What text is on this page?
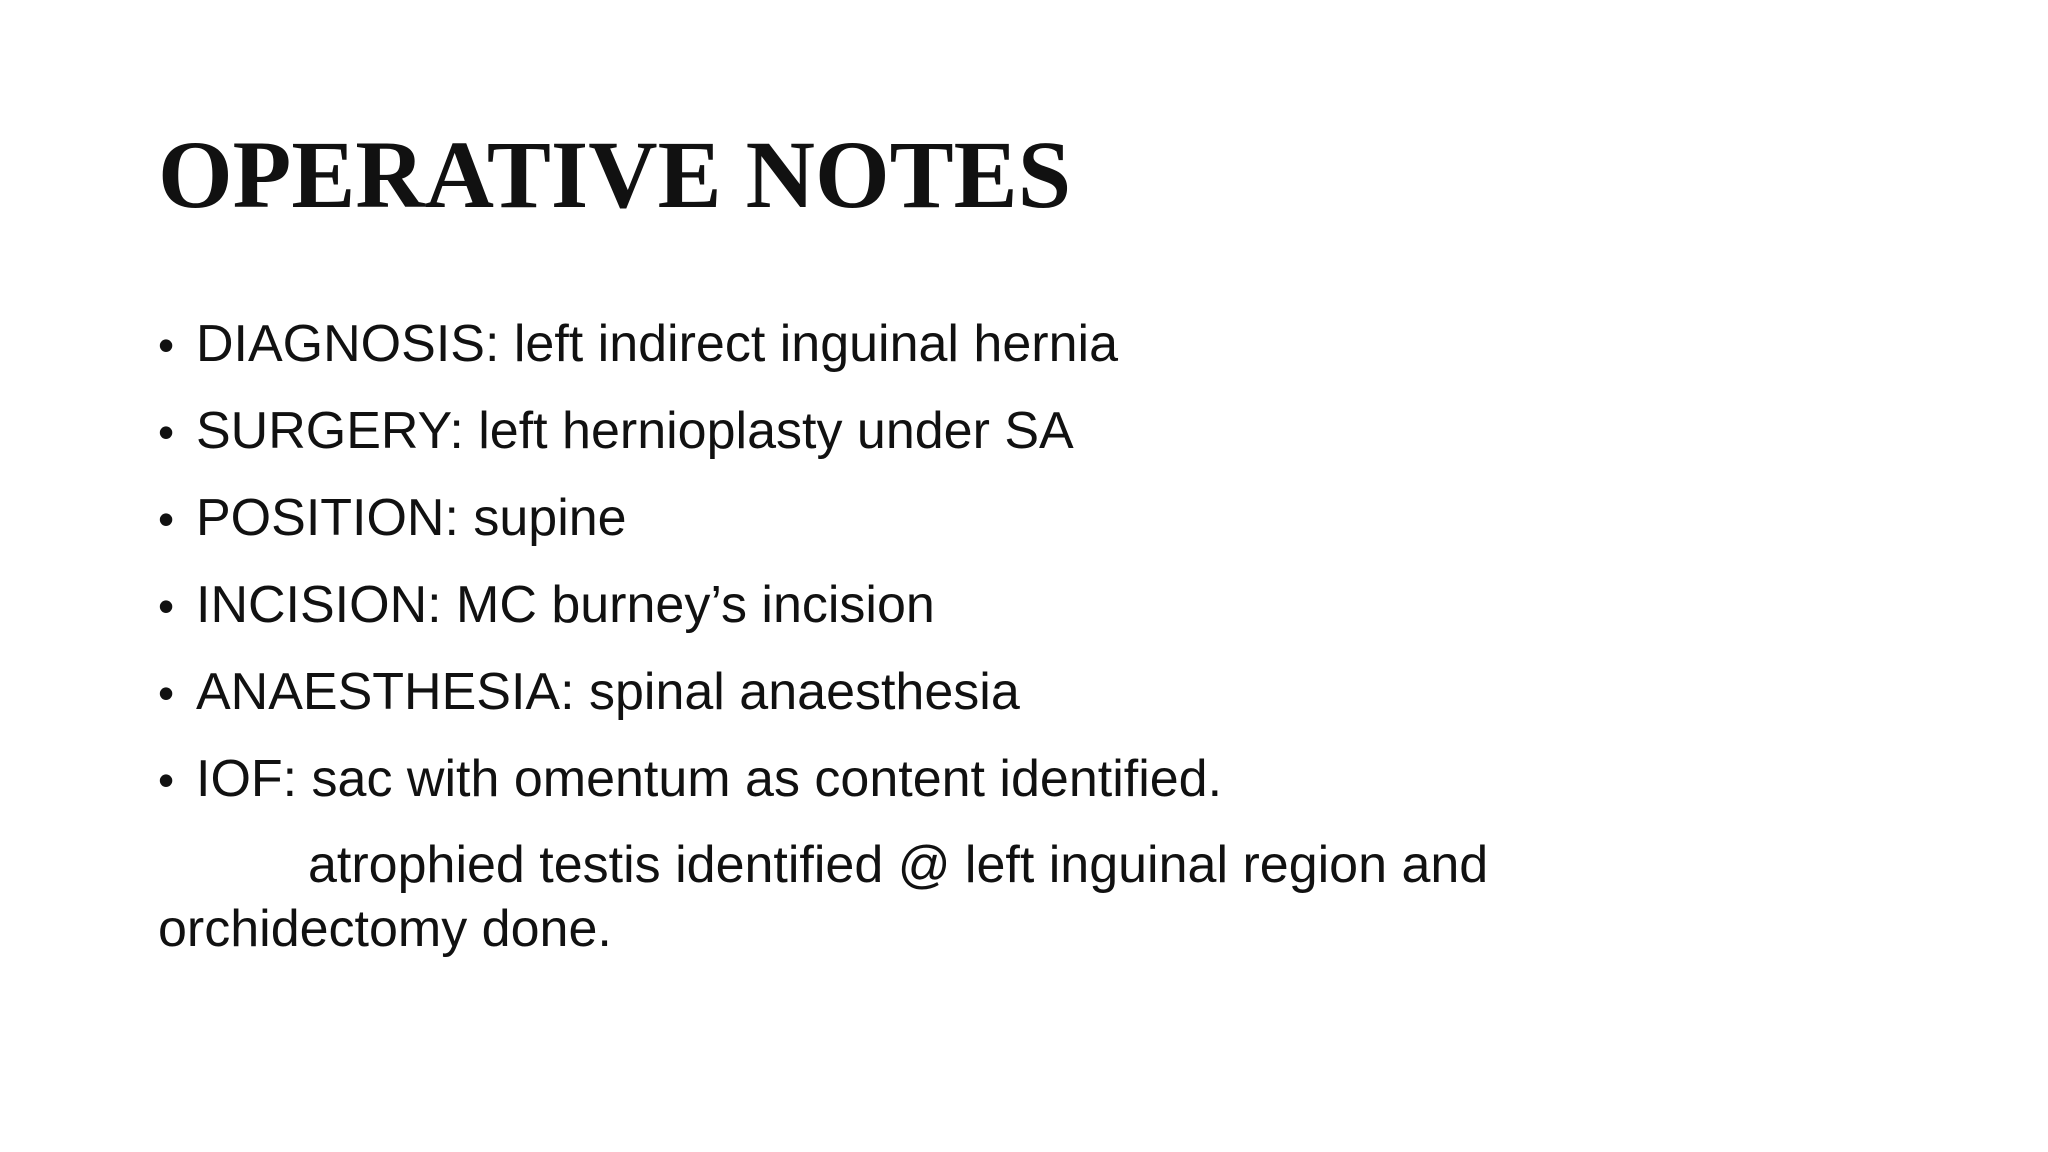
OPERATIVE NOTES
• DIAGNOSIS: left indirect inguinal hernia
• SURGERY: left hernioplasty under SA
• POSITION: supine
• INCISION: MC burney’s incision
• ANAESTHESIA: spinal anaesthesia
• IOF: sac with omentum as content identified.

atrophied testis identified @ left inguinal region and
orchidectomy done.
